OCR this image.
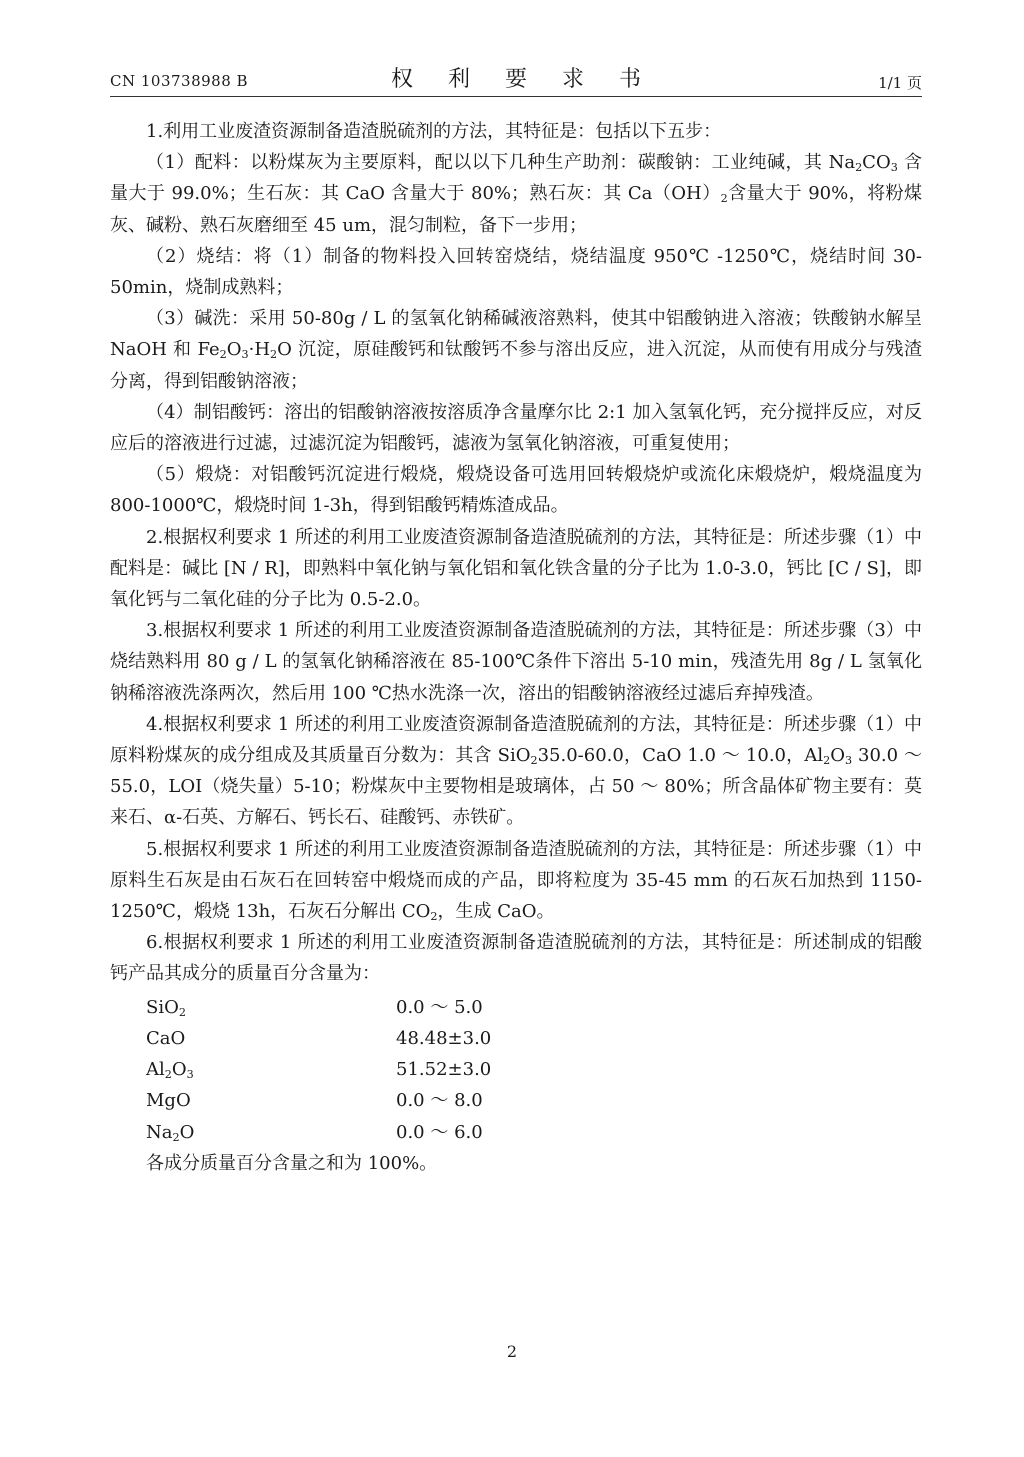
CN 103738988 B	权 利 要 求 书	1/1 页

1.利用工业废渣资源制备造渣脱硫剂的方法，其特征是：包括以下五步：

（1）配料：以粉煤灰为主要原料，配以以下几种生产助剂：碳酸钠：工业纯碱，其 $Na_2CO_3$ 含量大于 99.0%；生石灰：其 CaO 含量大于 80%；熟石灰：其 $Ca(OH)_2$含量大于 90%，将粉煤灰、碱粉、熟石灰磨细至 45 um，混匀制粒，备下一步用；

（2）烧结：将（1）制备的物料投入回转窑烧结，烧结温度 950℃ -1250℃，烧结时间 30-50min，烧制成熟料；

（3）碱洗：采用 50-80g / L 的氢氧化钠稀碱液溶熟料，使其中铝酸钠进入溶液；铁酸钠水解呈 NaOH 和 $Fe_2O_3\cdot H_2O$ 沉淀，原硅酸钙和钛酸钙不参与溶出反应，进入沉淀，从而使有用成分与残渣分离，得到铝酸钠溶液；

（4）制铝酸钙：溶出的铝酸钠溶液按溶质净含量摩尔比 2:1 加入氢氧化钙，充分搅拌反应，对反应后的溶液进行过滤，过滤沉淀为铝酸钙，滤液为氢氧化钠溶液，可重复使用；

（5）煅烧：对铝酸钙沉淀进行煅烧，煅烧设备可选用回转煅烧炉或流化床煅烧炉，煅烧温度为 800-1000℃，煅烧时间 1-3h，得到铝酸钙精炼渣成品。

2.根据权利要求 1 所述的利用工业废渣资源制备造渣脱硫剂的方法，其特征是：所述步骤（1）中配料是：碱比 [N / R]，即熟料中氧化钠与氧化铝和氧化铁含量的分子比为 1.0-3.0，钙比 [C / S]，即氧化钙与二氧化硅的分子比为 0.5-2.0。

3.根据权利要求 1 所述的利用工业废渣资源制备造渣脱硫剂的方法，其特征是：所述步骤（3）中烧结熟料用 80 g / L 的氢氧化钠稀溶液在 85-100℃条件下溶出 5-10 min，残渣先用 8g / L 氢氧化钠稀溶液洗涤两次，然后用 100 ℃热水洗涤一次，溶出的铝酸钠溶液经过滤后弃掉残渣。

4.根据权利要求 1 所述的利用工业废渣资源制备造渣脱硫剂的方法，其特征是：所述步骤（1）中原料粉煤灰的成分组成及其质量百分数为：其含 SiO$_2$35.0-60.0，CaO 1.0 ～ 10.0，$Al_2O_3$ 30.0 ～ 55.0，LOI（烧失量）5-10；粉煤灰中主要物相是玻璃体，占 50 ～ 80%；所含晶体矿物主要有：莫来石、α-石英、方解石、钙长石、硅酸钙、赤铁矿。

5.根据权利要求 1 所述的利用工业废渣资源制备造渣脱硫剂的方法，其特征是：所述步骤（1）中原料生石灰是由石灰石在回转窑中煅烧而成的产品，即将粒度为 35-45 mm 的石灰石加热到 1150-1250℃，煅烧 13h，石灰石分解出 $CO_2$，生成 CaO。

6.根据权利要求 1 所述的利用工业废渣资源制备造渣脱硫剂的方法，其特征是：所述制成的铝酸钙产品其成分的质量百分含量为：

SiO$_2$	0.0 ～ 5.0
CaO	48.48±3.0
$Al_2O_3$	51.52±3.0
MgO	0.0 ～ 8.0
$Na_2O$	0.0 ～ 6.0

各成分质量百分含量之和为 100%。

2
